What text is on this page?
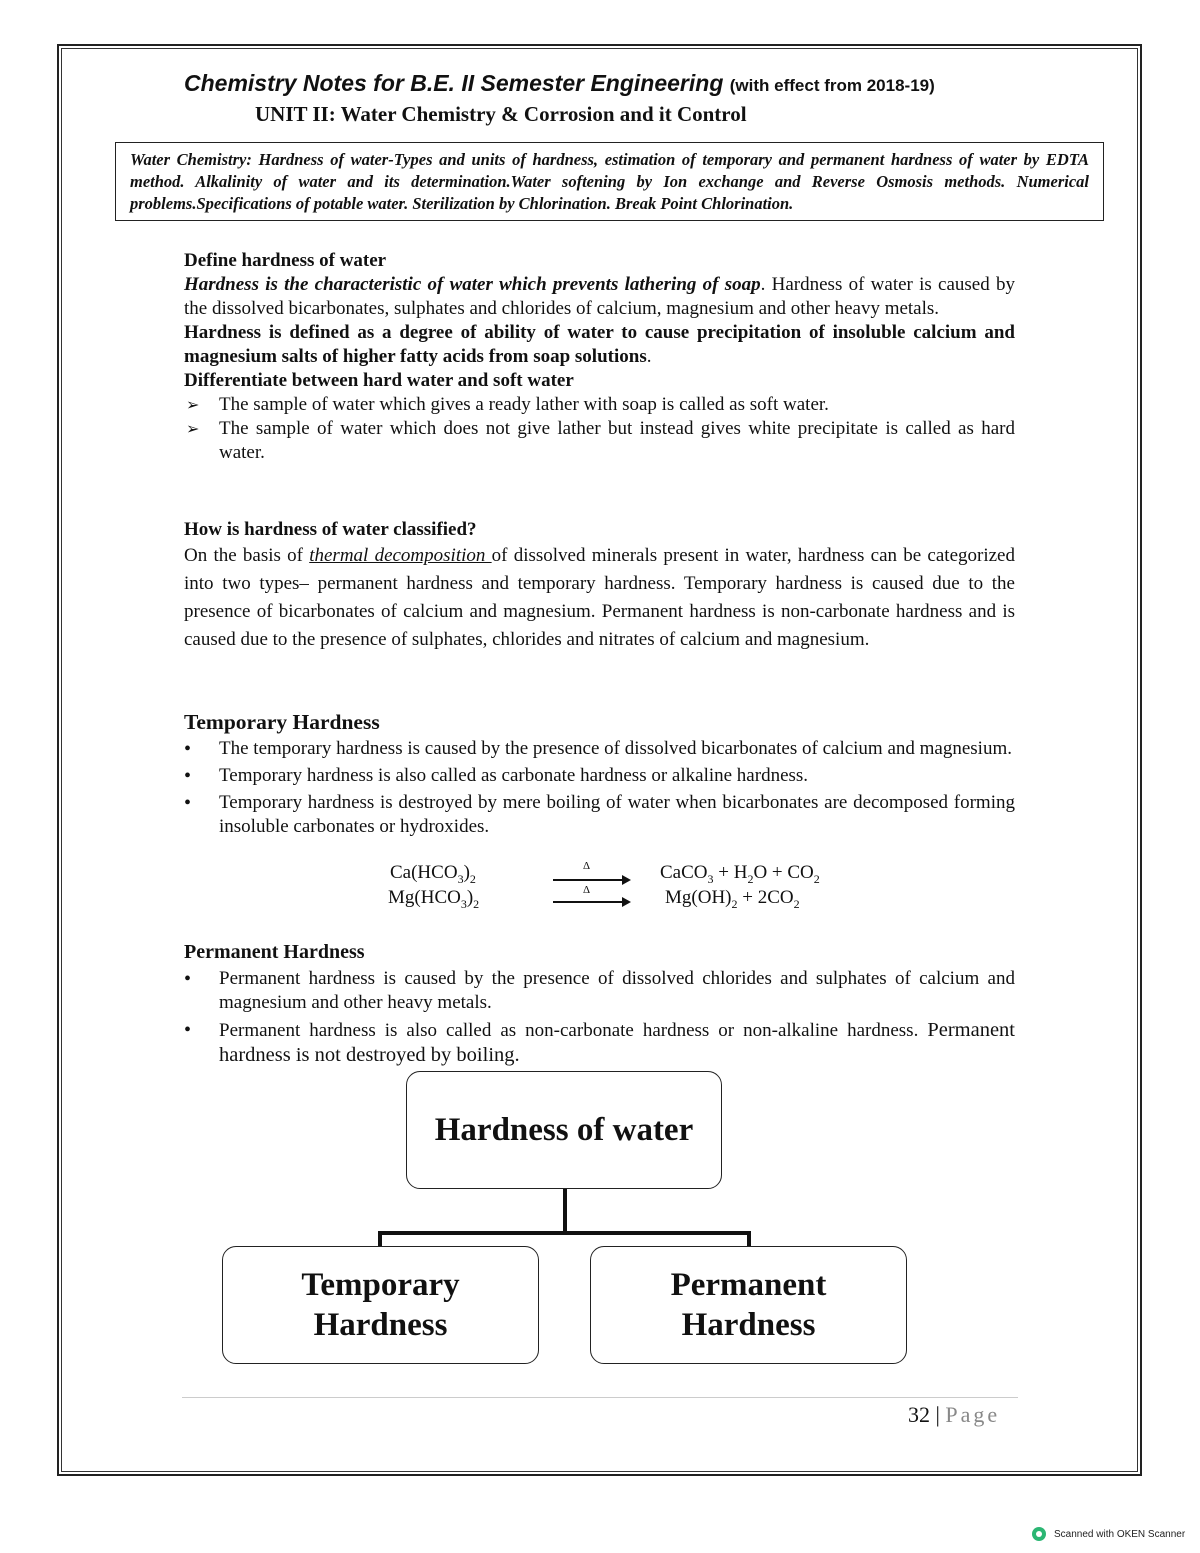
Chemistry Notes for B.E. II Semester Engineering (with effect from 2018-19)
UNIT II: Water Chemistry & Corrosion and it Control
Water Chemistry: Hardness of water-Types and units of hardness, estimation of temporary and permanent hardness of water by EDTA method. Alkalinity of water and its determination.Water softening by Ion exchange and Reverse Osmosis methods. Numerical problems.Specifications of potable water. Sterilization by Chlorination. Break Point Chlorination.
Define hardness of water
Hardness is the characteristic of water which prevents lathering of soap. Hardness of water is caused by the dissolved bicarbonates, sulphates and chlorides of calcium, magnesium and other heavy metals.
Hardness is defined as a degree of ability of water to cause precipitation of insoluble calcium and magnesium salts of higher fatty acids from soap solutions.
Differentiate between hard water and soft water
➢ The sample of water which gives a ready lather with soap is called as soft water.
➢ The sample of water which does not give lather but instead gives white precipitate is called as hard water.
How is hardness of water classified?
On the basis of thermal decomposition of dissolved minerals present in water, hardness can be categorized into two types– permanent hardness and temporary hardness. Temporary hardness is caused due to the presence of bicarbonates of calcium and magnesium. Permanent hardness is non-carbonate hardness and is caused due to the presence of sulphates, chlorides and nitrates of calcium and magnesium.
Temporary Hardness
• The temporary hardness is caused by the presence of dissolved bicarbonates of calcium and magnesium.
• Temporary hardness is also called as carbonate hardness or alkaline hardness.
• Temporary hardness is destroyed by mere boiling of water when bicarbonates are decomposed forming insoluble carbonates or hydroxides.
$Ca(HCO_3)_2$
Δ	CaCO$_3$ + $H_2O + CO_2$
$Mg(HCO_3)_2$
Δ	$Mg(OH)_2 + 2CO_2$
Permanent Hardness
• Permanent hardness is caused by the presence of dissolved chlorides and sulphates of calcium and magnesium and other heavy metals.
• Permanent hardness is also called as non-carbonate hardness or non-alkaline hardness. Permanent hardness is not destroyed by boiling.
Hardness of water
Temporary
Hardness
Permanent
Hardness
32 | Page
Scanned with OKEN Scanner
